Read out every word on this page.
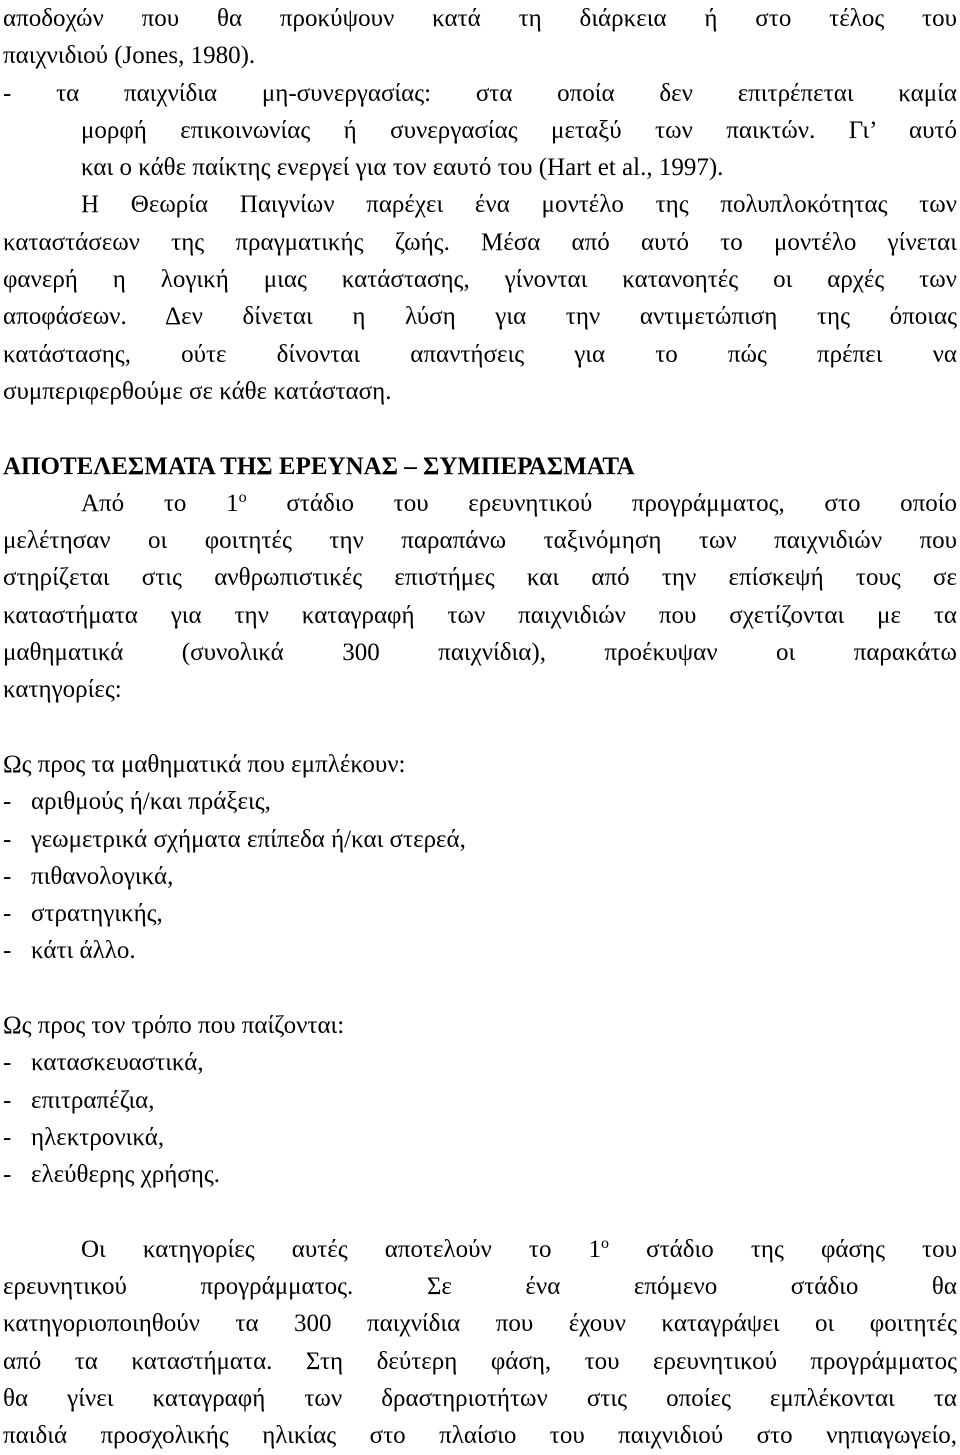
αποδοχών που θα προκύψουν κατά τη διάρκεια ή στο τέλος του
παιχνιδιού (Jones, 1980).
- τα παιχνίδια μη-συνεργασίας: στα οποία δεν επιτρέπεται καμία
μορφή επικοινωνίας ή συνεργασίας μεταξύ των παικτών. Γι’ αυτό
και ο κάθε παίκτης ενεργεί για τον εαυτό του (Hart et al., 1997).
Η Θεωρία Παιγνίων παρέχει ένα μοντέλο της πολυπλοκότητας των
καταστάσεων της πραγματικής ζωής. Μέσα από αυτό το μοντέλο γίνεται
φανερή η λογική μιας κατάστασης, γίνονται κατανοητές οι αρχές των
αποφάσεων. Δεν δίνεται η λύση για την αντιμετώπιση της όποιας
κατάστασης, ούτε δίνονται απαντήσεις για το πώς πρέπει να
συμπεριφερθούμε σε κάθε κατάσταση.
ΑΠΟΤΕΛΕΣΜΑΤΑ ΤΗΣ ΕΡΕΥΝΑΣ – ΣΥΜΠΕΡΑΣΜΑΤΑ
Από το $1^o$ στάδιο του ερευνητικού προγράμματος, στο οποίο
μελέτησαν οι φοιτητές την παραπάνω ταξινόμηση των παιχνιδιών που
στηρίζεται στις ανθρωπιστικές επιστήμες και από την επίσκεψή τους σε
καταστήματα για την καταγραφή των παιχνιδιών που σχετίζονται με τα
μαθηματικά (συνολικά 300 παιχνίδια), προέκυψαν οι παρακάτω
κατηγορίες:
Ως προς τα μαθηματικά που εμπλέκουν:
- αριθμούς ή/και πράξεις,
- γεωμετρικά σχήματα επίπεδα ή/και στερεά,
- πιθανολογικά,
- στρατηγικής,
- κάτι άλλο.
Ως προς τον τρόπο που παίζονται:
- κατασκευαστικά,
- επιτραπέζια,
- ηλεκτρονικά,
- ελεύθερης χρήσης.
Οι κατηγορίες αυτές αποτελούν το $1^o$ στάδιο της φάσης του
ερευνητικού προγράμματος. Σε ένα επόμενο στάδιο θα
κατηγοριοποιηθούν τα 300 παιχνίδια που έχουν καταγράψει οι φοιτητές
από τα καταστήματα. Στη δεύτερη φάση, του ερευνητικού προγράμματος
θα γίνει καταγραφή των δραστηριοτήτων στις οποίες εμπλέκονται τα
παιδιά προσχολικής ηλικίας στο πλαίσιο του παιχνιδιού στο νηπιαγωγείο,
